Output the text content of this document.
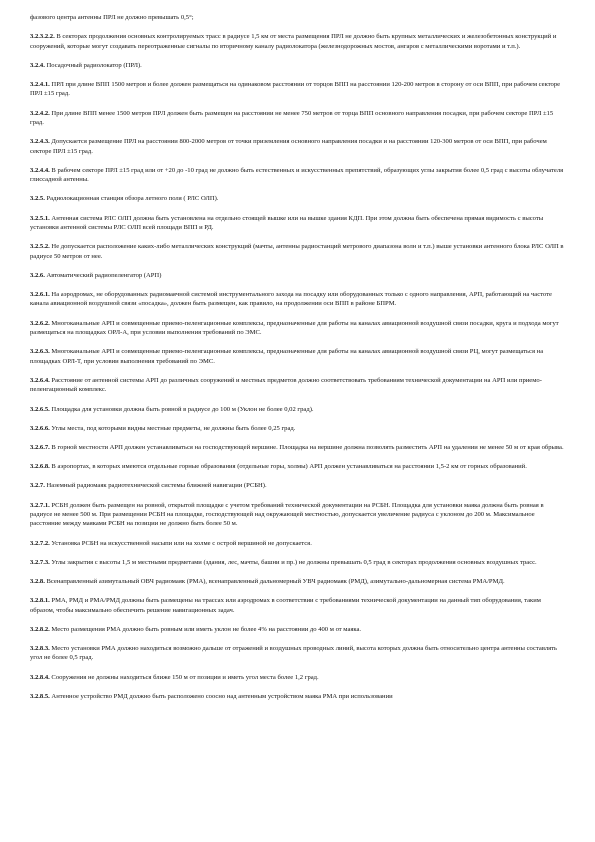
фазового центра антенны ПРЛ не должно превышать 0,5°;

3.2.3.2.2. В секторах продолжения основных контролируемых трасс в радиусе 1,5 км от места размещения ПРЛ не должно быть крупных металлических и железобетонных конструкций и сооружений, которые могут создавать переотраженные сигналы по вторичному каналу радиолокатора (железнодорожных мостов, ангаров с металлическими воротами и т.п.).

3.2.4. Посадочный радиолокатор (ПРЛ).

3.2.4.1. ПРЛ при длине ВПП 1500 метров и более должен размещаться на одинаковом расстоянии от торцов ВПП на расстоянии 120-200 метров в сторону от оси ВПП, при рабочем секторе ПРЛ ±15 град.

3.2.4.2. При длине ВПП менее 1500 метров ПРЛ должен быть размещен на расстоянии не менее 750 метров от торца ВПП основного направления посадки, при рабочем секторе ПРЛ ±15 град.

3.2.4.3. Допускается размещение ПРЛ на расстоянии 800-2000 метров от точки приземления основного направления посадки и на расстоянии 120-300 метров от оси ВПП, при рабочем секторе ПРЛ ±15 град.

3.2.4.4. В рабочем секторе ПРЛ ±15 град или от +20 до -10 град не должно быть естественных и искусственных препятствий, образующих углы закрытия более 0,5 град с высоты облучателя глиссадной антенны.

3.2.5. Радиолокационная станция обзора летного поля ( РЛС ОЛП).

3.2.5.1. Антенная система РЛС ОЛП должна быть установлена на отдельно стоящей вышке или на вышке здания КДП. При этом должна быть обеспечена прямая видимость с высоты установки антенной системы РЛС ОЛП всей площади ВПП и РД.

3.2.5.2. Не допускается расположение каких-либо металлических конструкций (мачты, антенны радиостанций метрового диапазона волн и т.п.) выше установки антенного блока РЛС ОЛП в радиусе 50 метров от нее.

3.2.6. Автоматический радиопеленгатор (АРП)

3.2.6.1. На аэродромах, не оборудованных радиомаячной системой инструментального захода на посадку или оборудованных только с одного направления, АРП, работающий на частоте канала авиационной воздушной связи «посадка», должен быть размещен, как правило, на продолжении оси ВПП в районе БПРМ.

3.2.6.2. Многоканальные АРП и совмещенные приемо-пеленгационные комплексы, предназначенные для работы на каналах авиационной воздушной связи посадки, круга и подхода могут размещаться на площадках ОРЛ-А, при условии выполнения требований по ЭМС.

3.2.6.3. Многоканальные АРП и совмещенные приемо-пеленгационные комплексы, предназначенные для работы на каналах авиационной воздушной связи РЦ, могут размещаться на площадках ОРЛ-Т, при условии выполнения требований по ЭМС.

3.2.6.4. Расстояние от антенной системы АРП до различных сооружений и местных предметов должно соответствовать требованиям технической документации на АРП или приемо-пеленгационный комплекс.

3.2.6.5. Площадка для установки должна быть ровной в радиусе до 100 м (Уклон не более 0,02 град).

3.2.6.6. Углы места, под которыми видны местные предметы, не должны быть более 0,25 град.

3.2.6.7. В горной местности АРП должен устанавливаться на господствующей вершине. Площадка на вершине должна позволять разместить АРП на удалении не менее 50 м от края обрыва.

3.2.6.8. В аэропортах, в которых имеются отдельные горные образования (отдельные горы, холмы) АРП должен устанавливаться на расстоянии 1,5-2 км от горных образований.

3.2.7. Наземный радиомаяк радиотехнической системы ближней навигации (РСБН).

3.2.7.1. РСБН должен быть размещен на ровной, открытой площадке с учетом требований технической документации на РСБН. Площадка для установки маяка должна быть ровная в радиусе не менее 500 м. При размещении РСБН на площадке, господствующей над окружающей местностью, допускается увеличение радиуса с уклоном до 200 м. Максимальное расстояние между маяками РСБН на позиции не должно быть более 50 м.

3.2.7.2. Установка РСБН на искусственной насыпи или на холме с острой вершиной не допускается.

3.2.7.3. Углы закрытия с высоты 1,5 м местными предметами (здания, лес, мачты, башни и пр.) не должны превышать 0,5 град в секторах продолжения основных воздушных трасс.

3.2.8. Всенаправленный азимутальный ОВЧ радиомаяк (РМА), всенаправленный дальномерный УВЧ радиомаяк (РМД), азимутально-дальномерная система РМА/РМД.

3.2.8.1. РМА, РМД и РМА/РМД должны быть размещены на трассах или аэродромах в соответствии с требованиями технической документации на данный тип оборудования, таким образом, чтобы максимально обеспечить решение навигационных задач.

3.2.8.2. Место размещения РМА должно быть ровным или иметь уклон не более 4% на расстоянии до 400 м от маяка.

3.2.8.3. Место установки РМА должно находиться возможно дальше от отражений и воздушных проводных линий, высота которых должна быть относительно центра антенны составлять угол не более 0,5 град.

3.2.8.4. Сооружения не должны находиться ближе 150 м от позиции и иметь угол места более 1,2 град.

3.2.8.5. Антенное устройство РМД должно быть расположено соосно над антенным устройством маяка РМА при использовании
